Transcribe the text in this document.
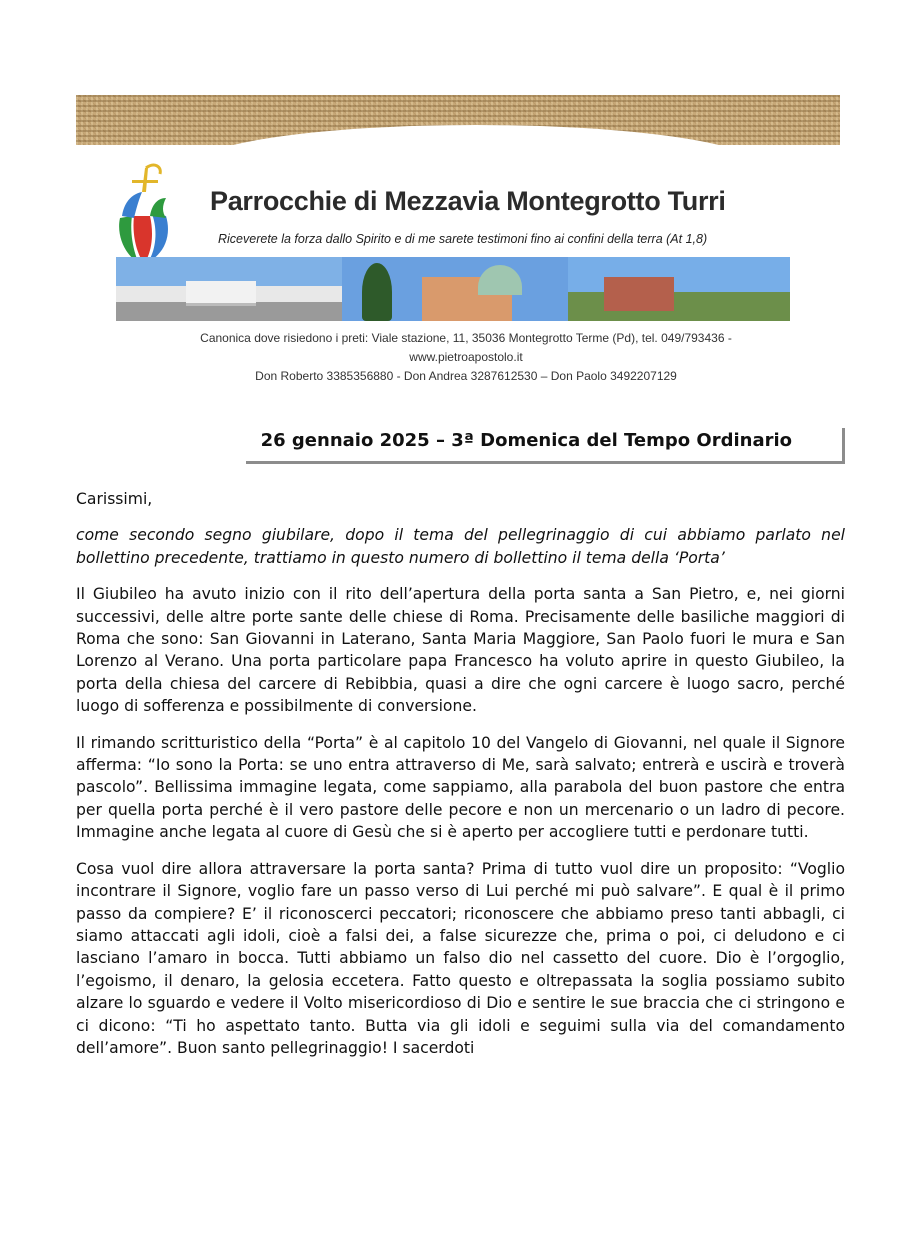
Parrocchie di Mezzavia Montegrotto Turri
Riceverete la forza dallo Spirito e di me sarete testimoni fino ai confini della terra (At 1,8)
Canonica dove risiedono i preti: Viale stazione, 11, 35036 Montegrotto Terme (Pd), tel. 049/793436 -
www.pietroapostolo.it
Don Roberto 3385356880 - Don Andrea 3287612530 – Don Paolo 3492207129
26 gennaio 2025 – 3ª Domenica del Tempo Ordinario

Carissimi,

come secondo segno giubilare, dopo il tema del pellegrinaggio di cui abbiamo parlato nel bollettino precedente, trattiamo in questo numero di bollettino il tema della ‘Porta’

Il Giubileo ha avuto inizio con il rito dell’apertura della porta santa a San Pietro, e, nei giorni successivi, delle altre porte sante delle chiese di Roma. Precisamente delle basiliche maggiori di Roma che sono: San Giovanni in Laterano, Santa Maria Maggiore, San Paolo fuori le mura e San Lorenzo al Verano. Una porta particolare papa Francesco ha voluto aprire in questo Giubileo, la porta della chiesa del carcere di Rebibbia, quasi a dire che ogni carcere è luogo sacro, perché luogo di sofferenza e possibilmente di conversione.

Il rimando scritturistico della “Porta” è al capitolo 10 del Vangelo di Giovanni, nel quale il Signore afferma: “Io sono la Porta: se uno entra attraverso di Me, sarà salvato; entrerà e uscirà e troverà pascolo”. Bellissima immagine legata, come sappiamo, alla parabola del buon pastore che entra per quella porta perché è il vero pastore delle pecore e non un mercenario o un ladro di pecore. Immagine anche legata al cuore di Gesù che si è aperto per accogliere tutti e perdonare tutti.

Cosa vuol dire allora attraversare la porta santa? Prima di tutto vuol dire un proposito: “Voglio incontrare il Signore, voglio fare un passo verso di Lui perché mi può salvare”. E qual è il primo passo da compiere? E’ il riconoscerci peccatori; riconoscere che abbiamo preso tanti abbagli, ci siamo attaccati agli idoli, cioè a falsi dei, a false sicurezze che, prima o poi, ci deludono e ci lasciano l’amaro in bocca. Tutti abbiamo un falso dio nel cassetto del cuore. Dio è l’orgoglio, l’egoismo, il denaro, la gelosia eccetera. Fatto questo e oltrepassata la soglia possiamo subito alzare lo sguardo e vedere il Volto misericordioso di Dio e sentire le sue braccia che ci stringono e ci dicono: “Ti ho aspettato tanto. Butta via gli idoli e seguimi sulla via del comandamento dell’amore”. Buon santo pellegrinaggio! I sacerdoti
